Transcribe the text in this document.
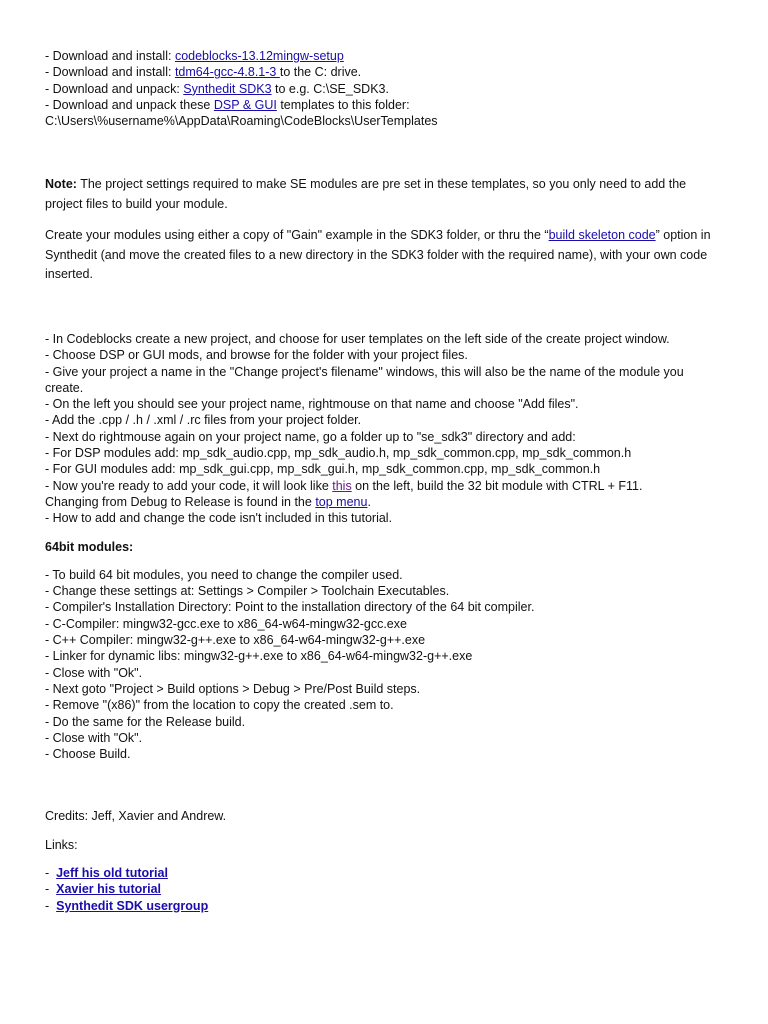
- Download and install: codeblocks-13.12mingw-setup
- Download and install: tdm64-gcc-4.8.1-3 to the C: drive.
- Download and unpack: Synthedit SDK3 to e.g. C:\SE_SDK3.
- Download and unpack these DSP & GUI templates to this folder:
C:\Users\%username%\AppData\Roaming\CodeBlocks\UserTemplates
Note: The project settings required to make SE modules are pre set in these templates, so you only need to add the project files to build your module.
Create your modules using either a copy of "Gain" example in the SDK3 folder, or thru the “build skeleton code” option in Synthedit (and move the created files to a new directory in the SDK3 folder with the required name), with your own code inserted.
- In Codeblocks create a new project, and choose for user templates on the left side of the create project window.
- Choose DSP or GUI mods, and browse for the folder with your project files.
- Give your project a name in the "Change project's filename" windows, this will also be the name of the module you create.
- On the left you should see your project name, rightmouse on that name and choose "Add files".
- Add the .cpp / .h / .xml / .rc files from your project folder.
- Next do rightmouse again on your project name, go a folder up to "se_sdk3" directory and add:
- For DSP modules add: mp_sdk_audio.cpp, mp_sdk_audio.h, mp_sdk_common.cpp, mp_sdk_common.h
- For GUI modules add: mp_sdk_gui.cpp, mp_sdk_gui.h, mp_sdk_common.cpp, mp_sdk_common.h
- Now you're ready to add your code, it will look like this on the left, build the 32 bit module with CTRL + F11.
Changing from Debug to Release is found in the top menu.
- How to add and change the code isn't included in this tutorial.
64bit modules:
- To build 64 bit modules, you need to change the compiler used.
- Change these settings at: Settings > Compiler > Toolchain Executables.
- Compiler's Installation Directory: Point to the installation directory of the 64 bit compiler.
- C-Compiler: mingw32-gcc.exe to x86_64-w64-mingw32-gcc.exe
- C++ Compiler: mingw32-g++.exe to x86_64-w64-mingw32-g++.exe
- Linker for dynamic libs: mingw32-g++.exe to x86_64-w64-mingw32-g++.exe
- Close with "Ok".
- Next goto "Project > Build options > Debug > Pre/Post Build steps.
- Remove "(x86)" from the location to copy the created .sem to.
- Do the same for the Release build.
- Close with "Ok".
- Choose Build.
Credits: Jeff, Xavier and Andrew.
Links:
-  Jeff his old tutorial
-  Xavier his tutorial
-  Synthedit SDK usergroup
